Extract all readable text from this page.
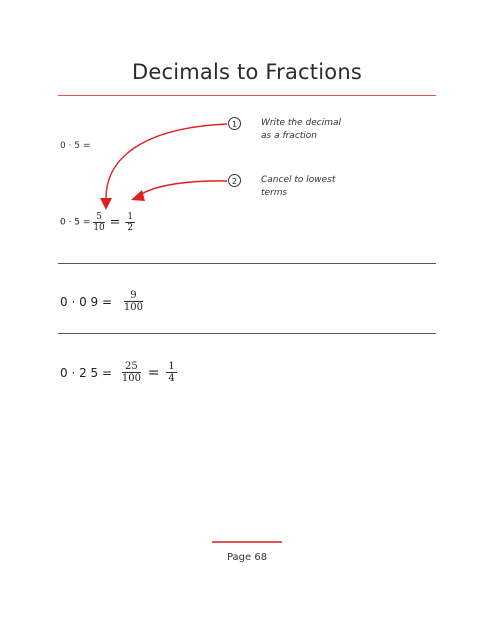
Decimals to Fractions
0 · 5 =
1	Write the decimal
as a fraction
2	Cancel to lowest
terms
$0 \cdot 5 = \frac{5}{10} = \frac{1}{2}$
0 · 0 $9 = \frac{9}{100}$
0 · 2 $5 = \frac{25}{100} = \frac{1}{4}$
Page 68
